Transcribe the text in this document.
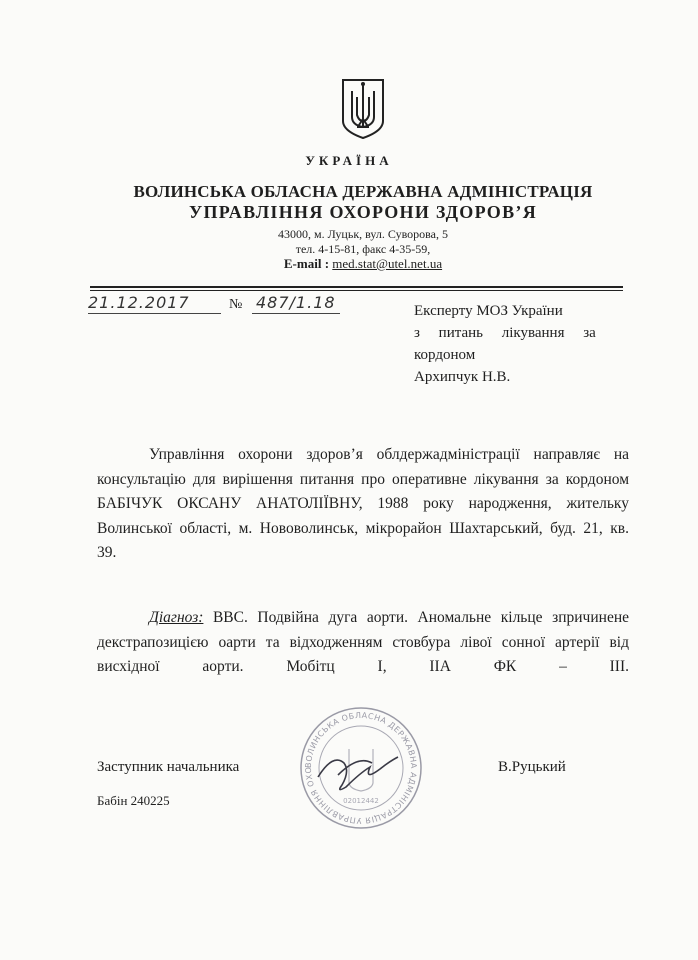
УКРАЇНА
ВОЛИНСЬКА ОБЛАСНА ДЕРЖАВНА АДМІНІСТРАЦІЯ
УПРАВЛІННЯ ОХОРОНИ ЗДОРОВ’Я
43000, м. Луцьк, вул. Суворова, 5
тел. 4-15-81, факс 4-35-59,
E-mail : med.stat@utel.net.ua
21.12.2017	№ 487/1.18	Експерту МОЗ України
з     питань     лікування     за
кордоном
Архипчук Н.В.
Управління охорони здоров’я облдержадміністрації направляє на
консультацію для вирішення питання про оперативне лікування за кордоном
БАБІЧУК ОКСАНУ АНАТОЛІЇВНУ, 1988 року народження, жительку
Волинської області, м. Нововолинськ, мікрорайон Шахтарський, буд. 21, кв.
39.
Діагноз: ВВС. Подвійна дуга аорти. Аномальне кільце зпричинене
декстрапозицією оарти та відходженням стовбура лівої сонної артерії від
висхідної аорти. Мобітц І, ІІА ФК – ІІІ.
ВОЛИНСЬКА ОБЛАСНА ДЕРЖАВНА АДМІНІСТРАЦІЯ УПРАВЛІННЯ ОХО
02012442
Заступник начальника	В.Руцький
Бабін 240225
